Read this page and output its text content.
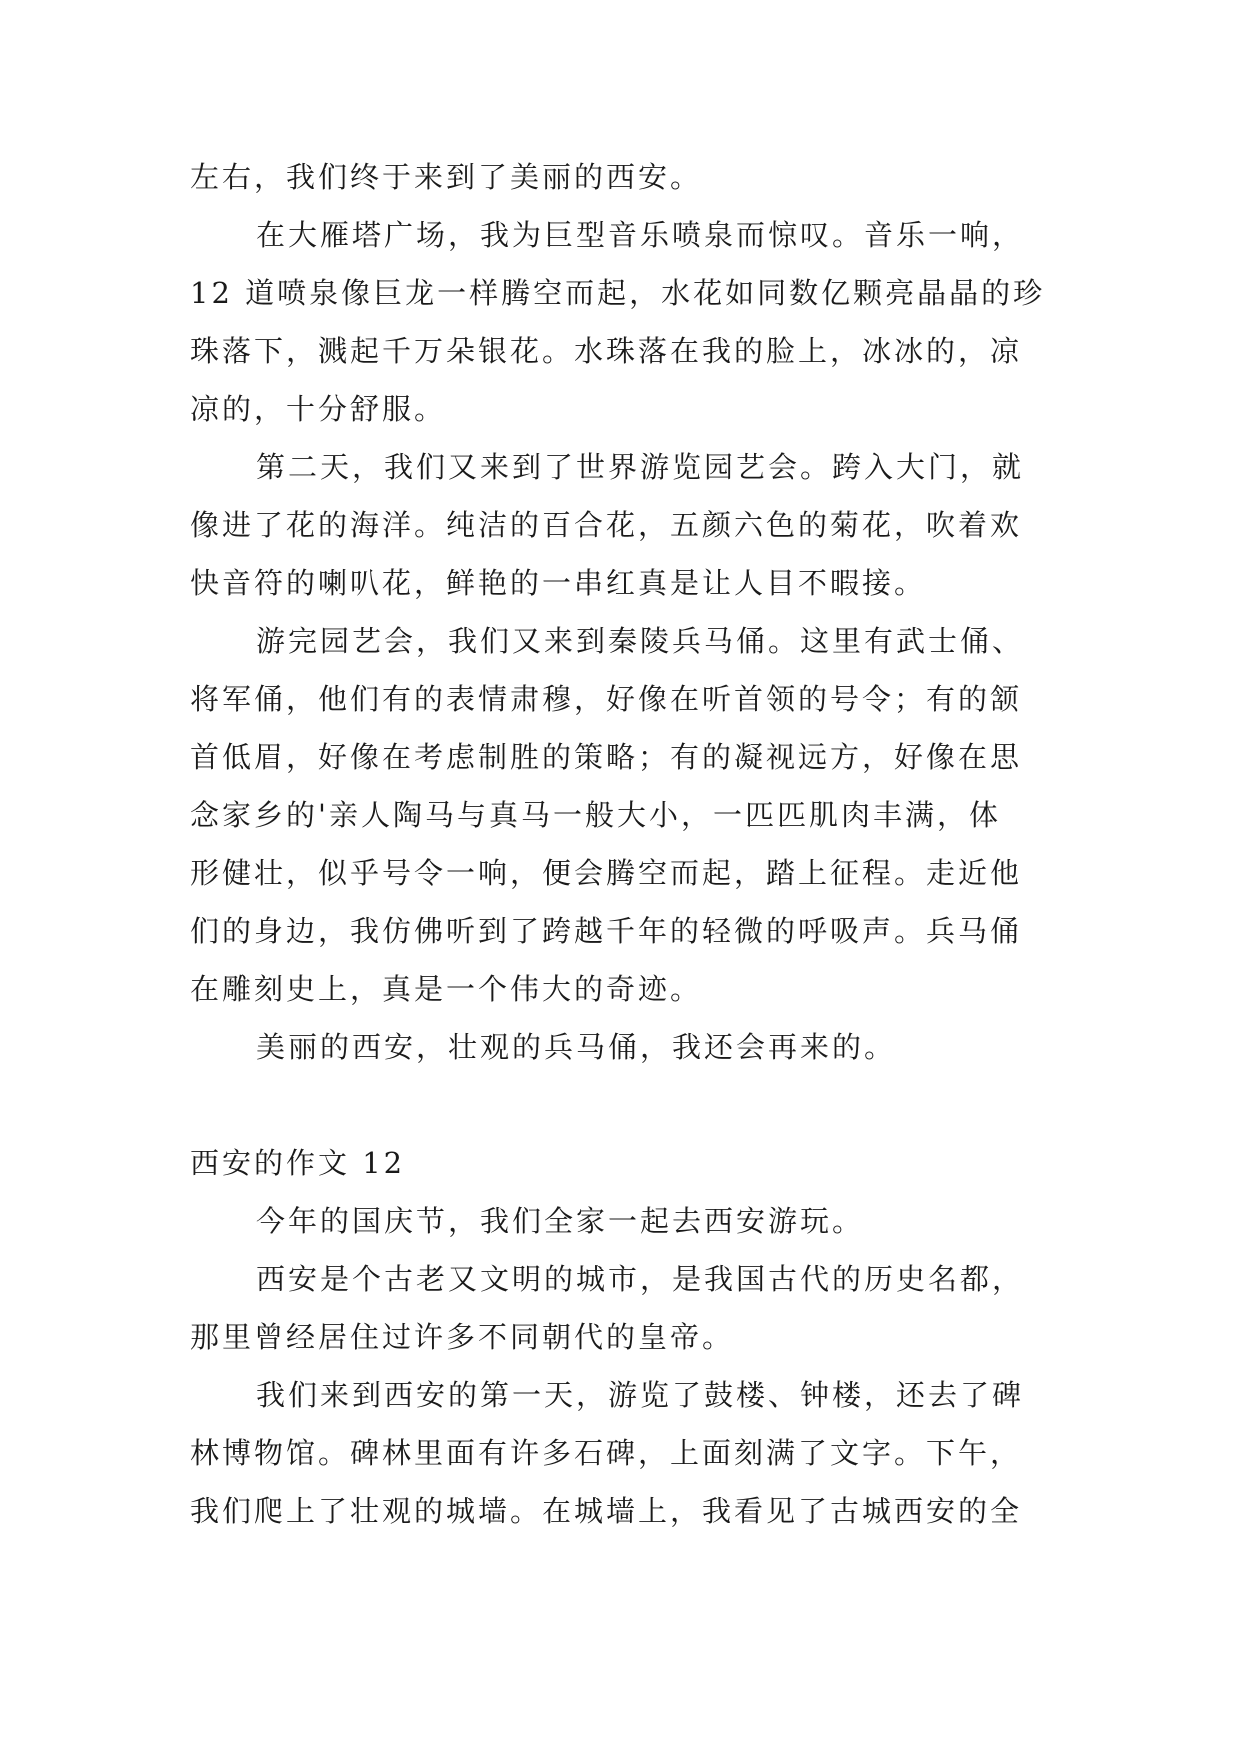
左右，我们终于来到了美丽的西安。
在大雁塔广场，我为巨型音乐喷泉而惊叹。音乐一响，
12 道喷泉像巨龙一样腾空而起，水花如同数亿颗亮晶晶的珍
珠落下，溅起千万朵银花。水珠落在我的脸上，冰冰的，凉
凉的，十分舒服。
第二天，我们又来到了世界游览园艺会。跨入大门，就
像进了花的海洋。纯洁的百合花，五颜六色的菊花，吹着欢
快音符的喇叭花，鲜艳的一串红真是让人目不暇接。
游完园艺会，我们又来到秦陵兵马俑。这里有武士俑、
将军俑，他们有的表情肃穆，好像在听首领的号令；有的颔
首低眉，好像在考虑制胜的策略；有的凝视远方，好像在思
念家乡的'亲人陶马与真马一般大小，一匹匹肌肉丰满，体
形健壮，似乎号令一响，便会腾空而起，踏上征程。走近他
们的身边，我仿佛听到了跨越千年的轻微的呼吸声。兵马俑
在雕刻史上，真是一个伟大的奇迹。
美丽的西安，壮观的兵马俑，我还会再来的。
西安的作文 12
今年的国庆节，我们全家一起去西安游玩。
西安是个古老又文明的城市，是我国古代的历史名都，
那里曾经居住过许多不同朝代的皇帝。
我们来到西安的第一天，游览了鼓楼、钟楼，还去了碑
林博物馆。碑林里面有许多石碑，上面刻满了文字。下午，
我们爬上了壮观的城墙。在城墙上，我看见了古城西安的全
